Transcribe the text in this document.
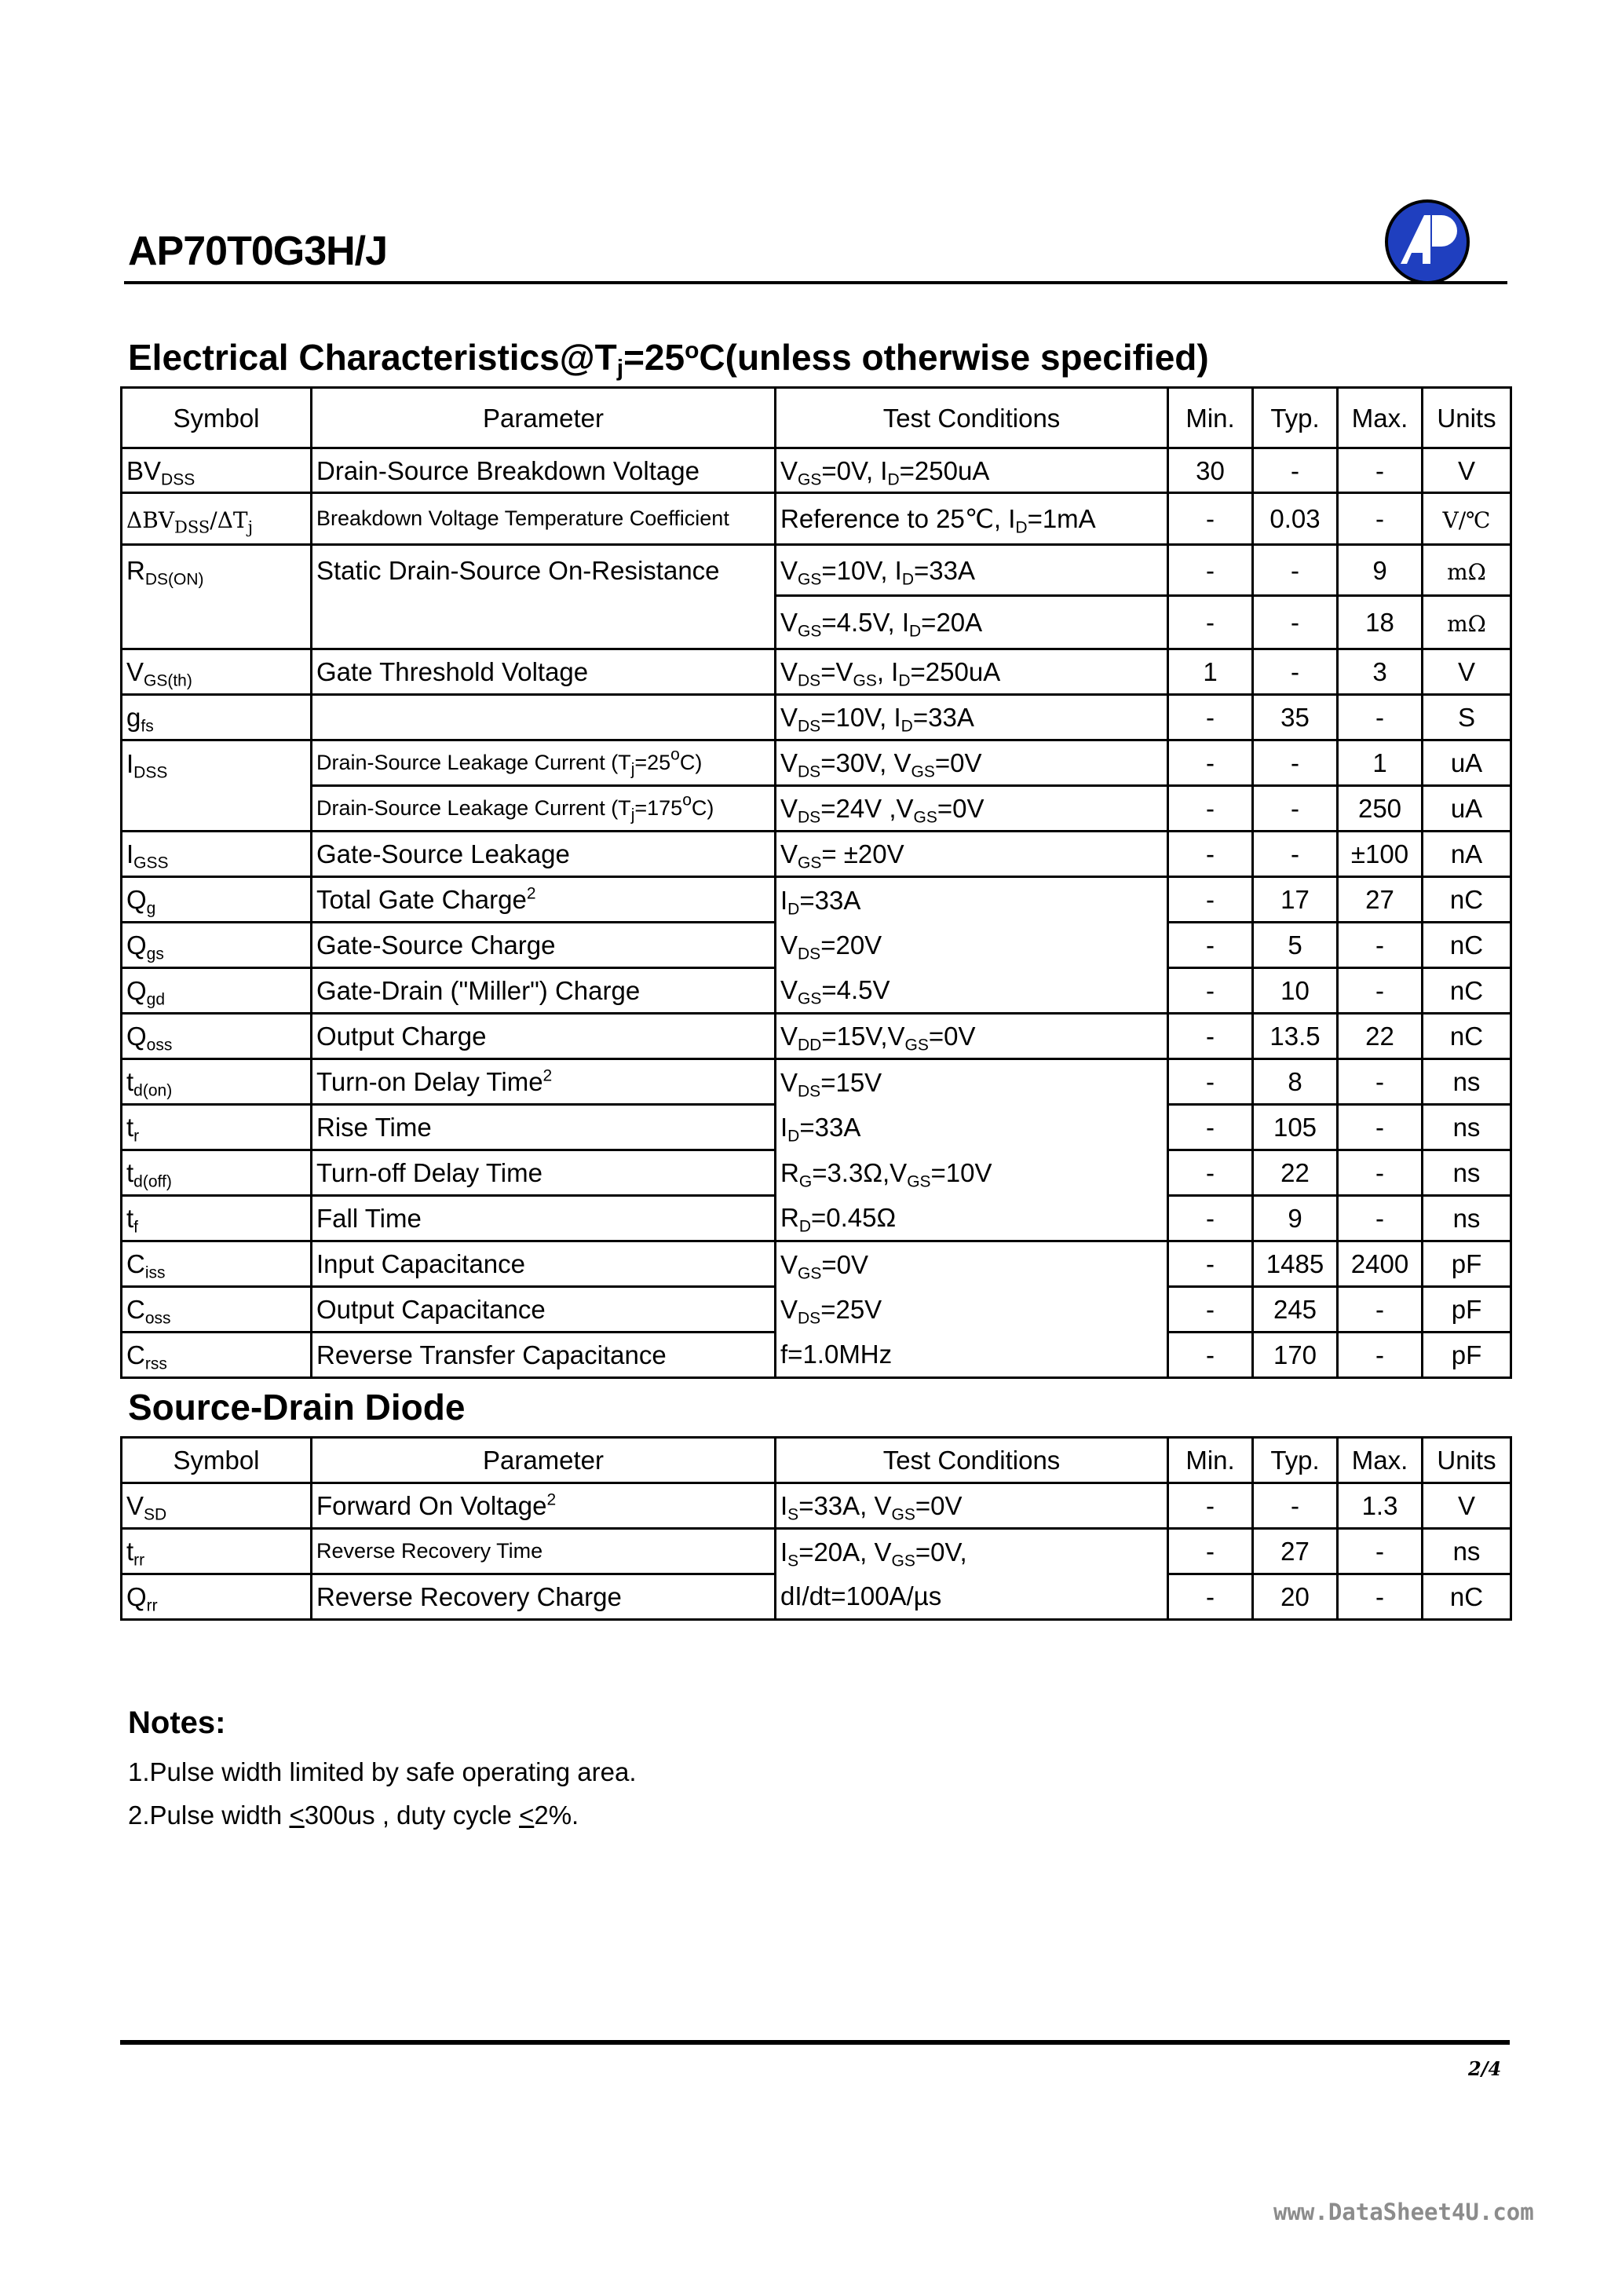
AP70T0G3H/J
Electrical $Characteristics@T_j=25^oC(unless$ otherwise specified)
Symbol	Parameter	Test Conditions	Min.	Typ.	Max.	Units
$BV_{DSS}$	Drain-Source Breakdown Voltage	$V_{GS}=0V$, $I_D=250uA$	30	-	-	V
$\Delta BV_{DSS}/\Delta T_j$	Breakdown Voltage Temperature Coefficient	Reference to 25℃, $I_D=1mA$	-	0.03	-	V/℃
$R_{DS(ON)}$	Static Drain-Source On-Resistance	$V_{GS}=10V$, $I_D=33A$	-	-	9	mΩ
		$V_{GS}=4.5V$, $I_D=20A$	-	-	18	mΩ
$V_{GS(th)}$	Gate Threshold Voltage	$V_{DS}=V_{GS}$, $I_D=250uA$	1	-	3	V
$g_{fs}$		$V_{DS}=10V$, $I_D=33A$	-	35	-	S
$I_{DSS}$	Drain-Source Leakage Current $(T_j=25^oC)$	$V_{DS}=30V$, $V_{GS}=0V$	-	-	1	uA
	Drain-Source Leakage Current $(T_j=175^oC)$	$V_{DS}=24V$ $,V_{GS}=0V$	-	-	250	uA
$I_{GSS}$	Gate-Source Leakage	$V_{GS}= \pm 20V$	-	-	±100	nA
$Q_g$	Total Gate Charge$^2$	$I_D=33A$	-	17	27	nC
$Q_{gs}$	Gate-Source Charge	$V_{DS}=20V$	-	5	-	nC
$Q_{gd}$	Gate-Drain ("Miller") Charge	$V_{GS}=4.5V$	-	10	-	nC
$Q_{oss}$	Output Charge	$V_{DD}=15V,V_{GS}=0V$	-	13.5	22	nC
$t_{d(on)}$	Turn-on Delay Time$^2$	$V_{DS}=15V$	-	8	-	ns
$t_r$	Rise Time	$I_D=33A$	-	105	-	ns
$t_{d(off)}$	Turn-off Delay Time	$R_G=3.3\Omega,V_{GS}=10V$	-	22	-	ns
$t_f$	Fall Time	$R_D=0.45\Omega$	-	9	-	ns
$C_{iss}$	Input Capacitance	$V_{GS}=0V$	-	1485	2400	pF
$C_{oss}$	Output Capacitance	$V_{DS}=25V$	-	245	-	pF
$C_{rss}$	Reverse Transfer Capacitance	f=1.0MHz	-	170	-	pF
Source-Drain Diode
Symbol	Parameter	Test Conditions	Min.	Typ.	Max.	Units
$V_{SD}$	Forward On Voltage$^2$	$I_S=33A$, $V_{GS}=0V$	-	-	1.3	V
$t_{rr}$	Reverse Recovery Time	$I_S=20A$, $V_{GS}=0V$,	-	27	-	ns
$Q_{rr}$	Reverse Recovery Charge	dI/dt=100A/µs	-	20	-	nC
Notes:
1.Pulse width limited by safe operating area.
2.Pulse width <300us , duty cycle <2%.
2/4
www.DataSheet4U.com
